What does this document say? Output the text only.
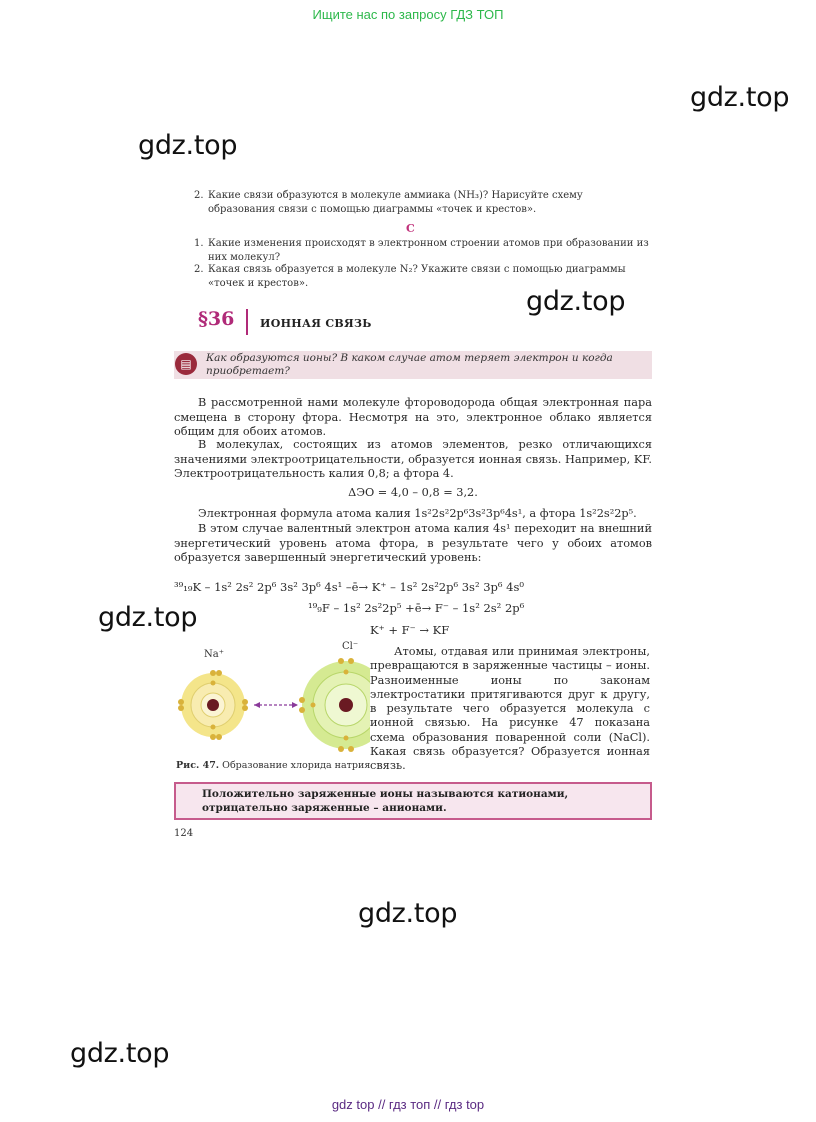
Ищите нас по запросу ГДЗ ТОП
gdz.top
gdz.top
gdz.top
gdz.top
gdz.top
gdz.top
2. Какие связи образуются в молекуле аммиака (NH₃)? Нарисуйте схему образования связи с помощью диаграммы «точек и крестов».
C
1. Какие изменения происходят в электронном строении атомов при образовании из них молекул?
2. Какая связь образуется в молекуле N₂? Укажите связи с помощью диаграммы «точек и крестов».
§36 ИОННАЯ СВЯЗЬ
▤	Как образуются ионы? В каком случае атом теряет электрон и когда приобретает?
В рассмотренной нами молекуле фтороводорода общая электронная пара смещена в сторону фтора. Несмотря на это, электронное облако является общим для обоих атомов.
В молекулах, состоящих из атомов элементов, резко отличающихся значениями электроотрицательности, образуется ионная связь. Например, KF. Электроотрицательность калия 0,8; а фтора 4.
ΔЭО = 4,0 – 0,8 = 3,2.
Электронная формула атома калия 1s²2s²2p⁶3s²3p⁶4s¹, а фтора 1s²2s²2p⁵.
В этом случае валентный электрон атома калия 4s¹ переходит на внешний энергетический уровень атома фтора, в результате чего у обоих атомов образуется завершенный энергетический уровень:
³⁹₁₉K – 1s² 2s² 2p⁶ 3s² 3p⁶ 4s¹ –ē→ K⁺ – 1s² 2s²2p⁶ 3s² 3p⁶ 4s⁰
¹⁹₉F – 1s² 2s²2p⁵ +ē→ F⁻ – 1s² 2s² 2p⁶
K⁺ + F⁻ → KF
Na⁺
Cl⁻	Атомы, отдавая или принимая электроны, превращаются в заряженные частицы – ионы. Разноименные ионы по законам электростатики притягиваются друг к другу, в результате чего образуется молекула с ионной связью. На рисунке 47 показана схема образования поваренной соли (NaCl). Какая связь образуется? Образуется ионная связь.
Рис. 47. Образование хлорида натрия
Положительно заряженные ионы называются катионами, отрицательно заряженные – анионами.
124
gdz top // гдз топ // гдз top
